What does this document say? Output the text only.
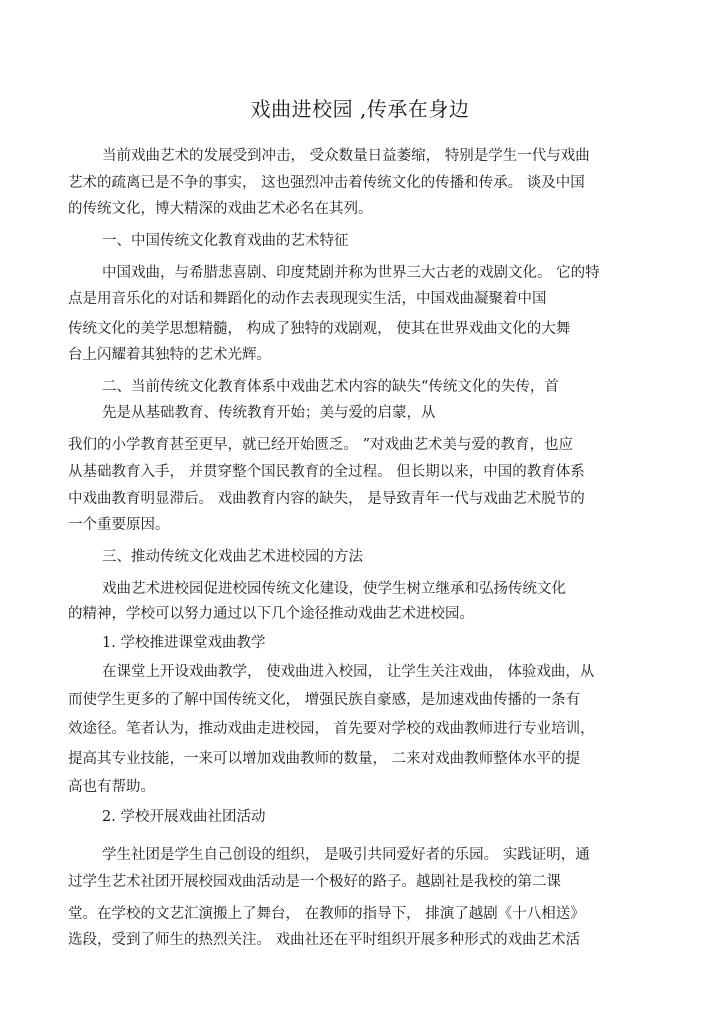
戏曲进校园 ,传承在身边
当前戏曲艺术的发展受到冲击， 受众数量日益萎缩， 特别是学生一代与戏曲
艺术的疏离已是不争的事实， 这也强烈冲击着传统文化的传播和传承。 谈及中国
的传统文化，博大精深的戏曲艺术必名在其列。
一、中国传统文化教育戏曲的艺术特征
中国戏曲，与希腊悲喜剧、印度梵剧并称为世界三大古老的戏剧文化。 它的特
点是用音乐化的对话和舞蹈化的动作去表现现实生活，中国戏曲凝聚着中国
传统文化的美学思想精髓， 构成了独特的戏剧观， 使其在世界戏曲文化的大舞
台上闪耀着其独特的艺术光辉。
二、当前传统文化教育体系中戏曲艺术内容的缺失“传统文化的失传，首
先是从基础教育、传统教育开始；美与爱的启蒙，从
我们的小学教育甚至更早，就已经开始匮乏。 ”对戏曲艺术美与爱的教育，也应
从基础教育入手， 并贯穿整个国民教育的全过程。 但长期以来，中国的教育体系
中戏曲教育明显滞后。 戏曲教育内容的缺失， 是导致青年一代与戏曲艺术脱节的
一个重要原因。
三、推动传统文化戏曲艺术进校园的方法
戏曲艺术进校园促进校园传统文化建设，使学生树立继承和弘扬传统文化
的精神，学校可以努力通过以下几个途径推动戏曲艺术进校园。
1. 学校推进课堂戏曲教学
在课堂上开设戏曲教学， 使戏曲进入校园， 让学生关注戏曲， 体验戏曲，从
而使学生更多的了解中国传统文化， 增强民族自豪感，是加速戏曲传播的一条有
效途径。笔者认为，推动戏曲走进校园， 首先要对学校的戏曲教师进行专业培训，
提高其专业技能，一来可以增加戏曲教师的数量， 二来对戏曲教师整体水平的提
高也有帮助。
2. 学校开展戏曲社团活动
学生社团是学生自己创设的组织， 是吸引共同爱好者的乐园。 实践证明，通
过学生艺术社团开展校园戏曲活动是一个极好的路子。越剧社是我校的第二课
堂。在学校的文艺汇演搬上了舞台， 在教师的指导下， 排演了越剧《十八相送》
选段，受到了师生的热烈关注。 戏曲社还在平时组织开展多种形式的戏曲艺术活
